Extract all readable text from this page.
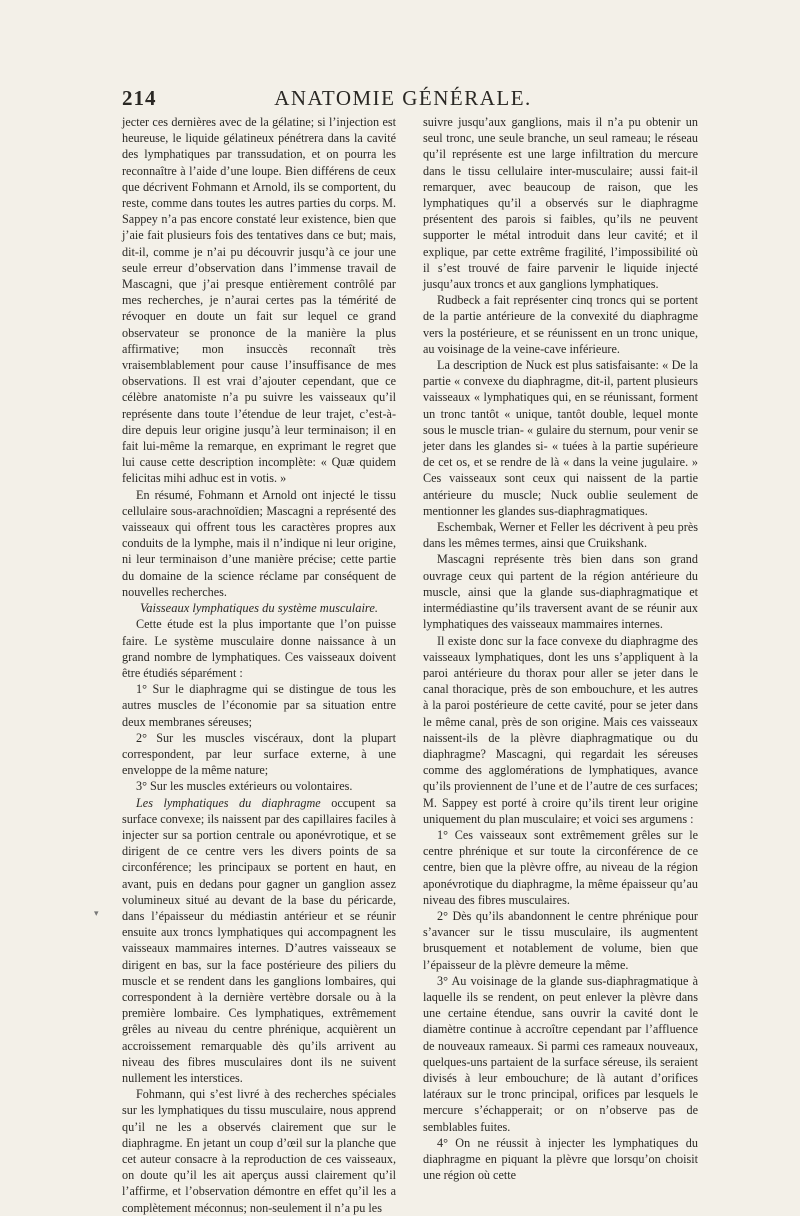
214	ANATOMIE GÉNÉRALE.

jecter ces dernières avec de la gélatine; si l’injection est heureuse, le liquide gélatineux pénétrera dans la cavité des lymphatiques par transsudation, et on pourra les reconnaître à l’aide d’une loupe. Bien différens de ceux que décrivent Fohmann et Arnold, ils se comportent, du reste, comme dans toutes les autres parties du corps. M. Sappey n’a pas encore constaté leur existence, bien que j’aie fait plusieurs fois des tentatives dans ce but; mais, dit-il, comme je n’ai pu découvrir jusqu’à ce jour une seule erreur d’observation dans l’immense travail de Mascagni, que j’ai presque entièrement contrôlé par mes recherches, je n’aurai certes pas la témérité de révoquer en doute un fait sur lequel ce grand observateur se prononce de la manière la plus affirmative; mon insuccès reconnaît très vraisemblablement pour cause l’insuffisance de mes observations. Il est vrai d’ajouter cependant, que ce célèbre anatomiste n’a pu suivre les vaisseaux qu’il représente dans toute l’étendue de leur trajet, c’est-à-dire depuis leur origine jusqu’à leur terminaison; il en fait lui-même la remarque, en exprimant le regret que lui cause cette description incomplète: « Quæ quidem felicitas mihi adhuc est in votis. »

En résumé, Fohmann et Arnold ont injecté le tissu cellulaire sous-arachnoïdien; Mascagni a représenté des vaisseaux qui offrent tous les caractères propres aux conduits de la lymphe, mais il n’indique ni leur origine, ni leur terminaison d’une manière précise; cette partie du domaine de la science réclame par conséquent de nouvelles recherches.

Vaisseaux lymphatiques du système musculaire.

Cette étude est la plus importante que l’on puisse faire. Le système musculaire donne naissance à un grand nombre de lymphatiques. Ces vaisseaux doivent être étudiés séparément :

1° Sur le diaphragme qui se distingue de tous les autres muscles de l’économie par sa situation entre deux membranes séreuses;

2° Sur les muscles viscéraux, dont la plupart correspondent, par leur surface externe, à une enveloppe de la même nature;

3° Sur les muscles extérieurs ou volontaires.

Les lymphatiques du diaphragme occupent sa surface convexe; ils naissent par des capillaires faciles à injecter sur sa portion centrale ou aponévrotique, et se dirigent de ce centre vers les divers points de sa circonférence; les principaux se portent en haut, en avant, puis en dedans pour gagner un ganglion assez volumineux situé au devant de la base du péricarde, dans l’épaisseur du médiastin antérieur et se réunir ensuite aux troncs lymphatiques qui accompagnent les vaisseaux mammaires internes. D’autres vaisseaux se dirigent en bas, sur la face postérieure des piliers du muscle et se rendent dans les ganglions lombaires, qui correspondent à la dernière vertèbre dorsale ou à la première lombaire. Ces lymphatiques, extrêmement grêles au niveau du centre phrénique, acquièrent un accroissement remarquable dès qu’ils arrivent au niveau des fibres musculaires dont ils ne suivent nullement les interstices.

Fohmann, qui s’est livré à des recherches spéciales sur les lymphatiques du tissu musculaire, nous apprend qu’il ne les a observés clairement que sur le diaphragme. En jetant un coup d’œil sur la planche que cet auteur consacre à la reproduction de ces vaisseaux, on doute qu’il les ait aperçus aussi clairement qu’il l’affirme, et l’observation démontre en effet qu’il les a complètement méconnus; non-seulement il n’a pu les

suivre jusqu’aux ganglions, mais il n’a pu obtenir un seul tronc, une seule branche, un seul rameau; le réseau qu’il représente est une large infiltration du mercure dans le tissu cellulaire inter-musculaire; aussi fait-il remarquer, avec beaucoup de raison, que les lymphatiques qu’il a observés sur le diaphragme présentent des parois si faibles, qu’ils ne peuvent supporter le métal introduit dans leur cavité; et il explique, par cette extrême fragilité, l’impossibilité où il s’est trouvé de faire parvenir le liquide injecté jusqu’aux troncs et aux ganglions lymphatiques.

Rudbeck a fait représenter cinq troncs qui se portent de la partie antérieure de la convexité du diaphragme vers la postérieure, et se réunissent en un tronc unique, au voisinage de la veine-cave inférieure.

La description de Nuck est plus satisfaisante: « De la partie « convexe du diaphragme, dit-il, partent plusieurs vaisseaux « lymphatiques qui, en se réunissant, forment un tronc tantôt « unique, tantôt double, lequel monte sous le muscle trian- « gulaire du sternum, pour venir se jeter dans les glandes si- « tuées à la partie supérieure de cet os, et se rendre de là « dans la veine jugulaire. » Ces vaisseaux sont ceux qui naissent de la partie antérieure du muscle; Nuck oublie seulement de mentionner les glandes sus-diaphragmatiques.

Eschembak, Werner et Feller les décrivent à peu près dans les mêmes termes, ainsi que Cruikshank.

Mascagni représente très bien dans son grand ouvrage ceux qui partent de la région antérieure du muscle, ainsi que la glande sus-diaphragmatique et intermédiastine qu’ils traversent avant de se réunir aux lymphatiques des vaisseaux mammaires internes.

Il existe donc sur la face convexe du diaphragme des vaisseaux lymphatiques, dont les uns s’appliquent à la paroi antérieure du thorax pour aller se jeter dans le canal thoracique, près de son embouchure, et les autres à la paroi postérieure de cette cavité, pour se jeter dans le même canal, près de son origine. Mais ces vaisseaux naissent-ils de la plèvre diaphragmatique ou du diaphragme? Mascagni, qui regardait les séreuses comme des agglomérations de lymphatiques, avance qu’ils proviennent de l’une et de l’autre de ces surfaces; M. Sappey est porté à croire qu’ils tirent leur origine uniquement du plan musculaire; et voici ses argumens :

1° Ces vaisseaux sont extrêmement grêles sur le centre phrénique et sur toute la circonférence de ce centre, bien que la plèvre offre, au niveau de la région aponévrotique du diaphragme, la même épaisseur qu’au niveau des fibres musculaires.

2° Dès qu’ils abandonnent le centre phrénique pour s’avancer sur le tissu musculaire, ils augmentent brusquement et notablement de volume, bien que l’épaisseur de la plèvre demeure la même.

3° Au voisinage de la glande sus-diaphragmatique à laquelle ils se rendent, on peut enlever la plèvre dans une certaine étendue, sans ouvrir la cavité dont le diamètre continue à accroître cependant par l’affluence de nouveaux rameaux. Si parmi ces rameaux nouveaux, quelques-uns partaient de la surface séreuse, ils seraient divisés à leur embouchure; de là autant d’orifices latéraux sur le tronc principal, orifices par lesquels le mercure s’échapperait; or on n’observe pas de semblables fuites.

4° On ne réussit à injecter les lymphatiques du diaphragme en piquant la plèvre que lorsqu’on choisit une région où cette

▾
